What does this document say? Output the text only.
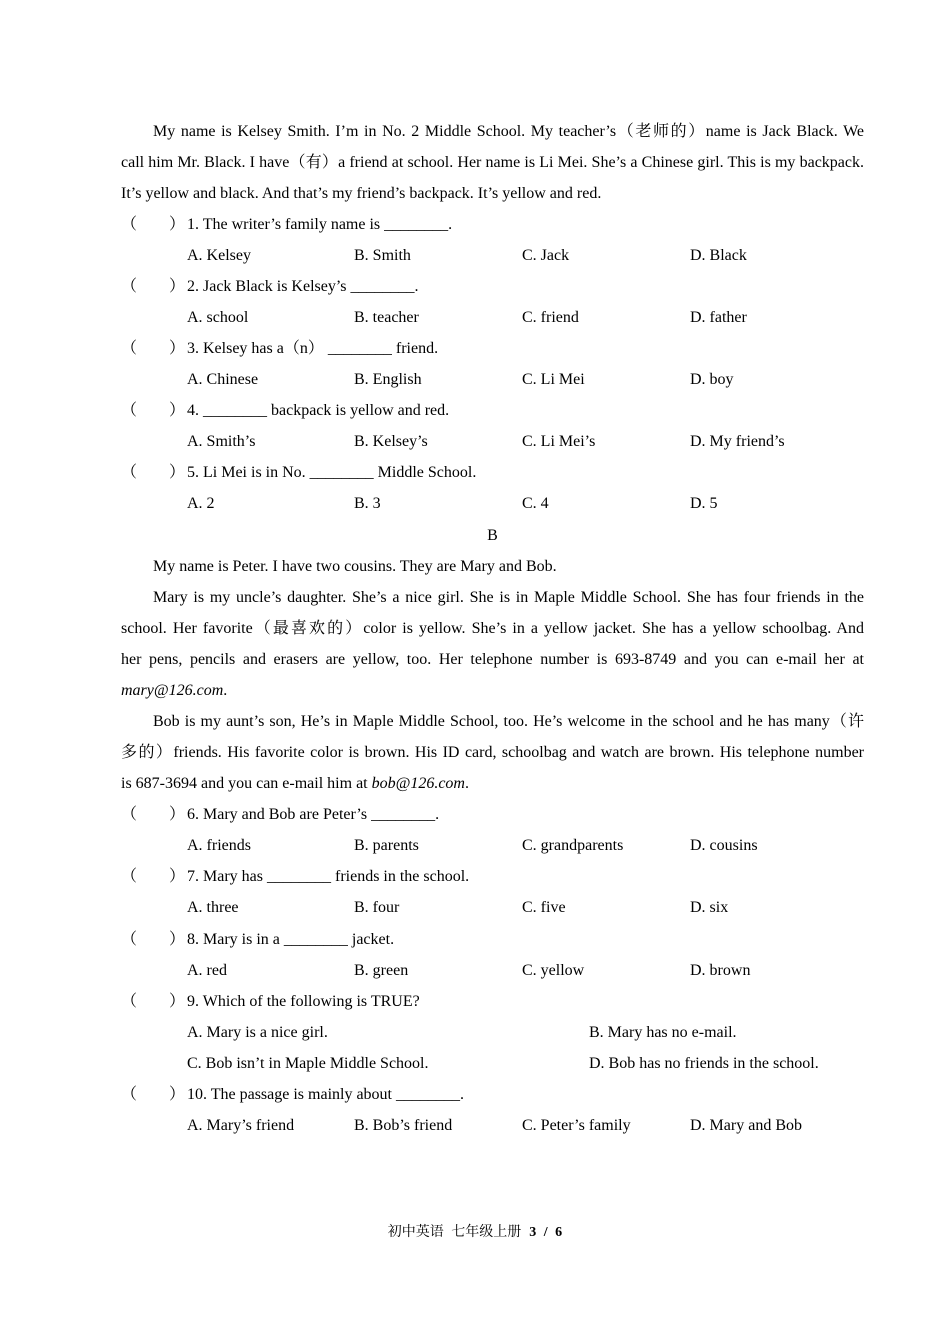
My name is Kelsey Smith. I’m in No. 2 Middle School. My teacher’s（老师的）name is Jack Black. We
call him Mr. Black. I have（有）a friend at school. Her name is Li Mei. She’s a Chinese girl. This is my backpack.
It’s yellow and black. And that’s my friend’s backpack. It’s yellow and red.
（ ） 1. The writer’s family name is ________.
A. Kelsey	B. Smith	C. Jack	D. Black
（ ） 2. Jack Black is Kelsey’s ________.
A. school	B. teacher	C. friend	D. father
（ ） 3. Kelsey has a（n） ________ friend.
A. Chinese	B. English	C. Li Mei	D. boy
（ ） 4. ________ backpack is yellow and red.
A. Smith’s	B. Kelsey’s	C. Li Mei’s	D. My friend’s
（ ） 5. Li Mei is in No. ________ Middle School.
A. 2	B. 3	C. 4	D. 5
B
My name is Peter. I have two cousins. They are Mary and Bob.
Mary is my uncle’s daughter. She’s a nice girl. She is in Maple Middle School. She has four friends in the
school. Her favorite（最喜欢的）color is yellow. She’s in a yellow jacket. She has a yellow schoolbag. And
her pens, pencils and erasers are yellow, too. Her telephone number is 693-8749 and you can e-mail her at
mary@126.com.
Bob is my aunt’s son, He’s in Maple Middle School, too. He’s welcome in the school and he has many（许
多的）friends. His favorite color is brown. His ID card, schoolbag and watch are brown. His telephone number
is 687-3694 and you can e-mail him at bob@126.com.
（ ） 6. Mary and Bob are Peter’s ________.
A. friends	B. parents	C. grandparents	D. cousins
（ ） 7. Mary has ________ friends in the school.
A. three	B. four	C. five	D. six
（ ） 8. Mary is in a ________ jacket.
A. red	B. green	C. yellow	D. brown
（ ） 9. Which of the following is TRUE?
A. Mary is a nice girl.	B. Mary has no e-mail.
C. Bob isn’t in Maple Middle School.	D. Bob has no friends in the school.
（ ） 10. The passage is mainly about ________.
A. Mary’s friend	B. Bob’s friend	C. Peter’s family	D. Mary and Bob
初中英语 七年级上册 3 / 6
